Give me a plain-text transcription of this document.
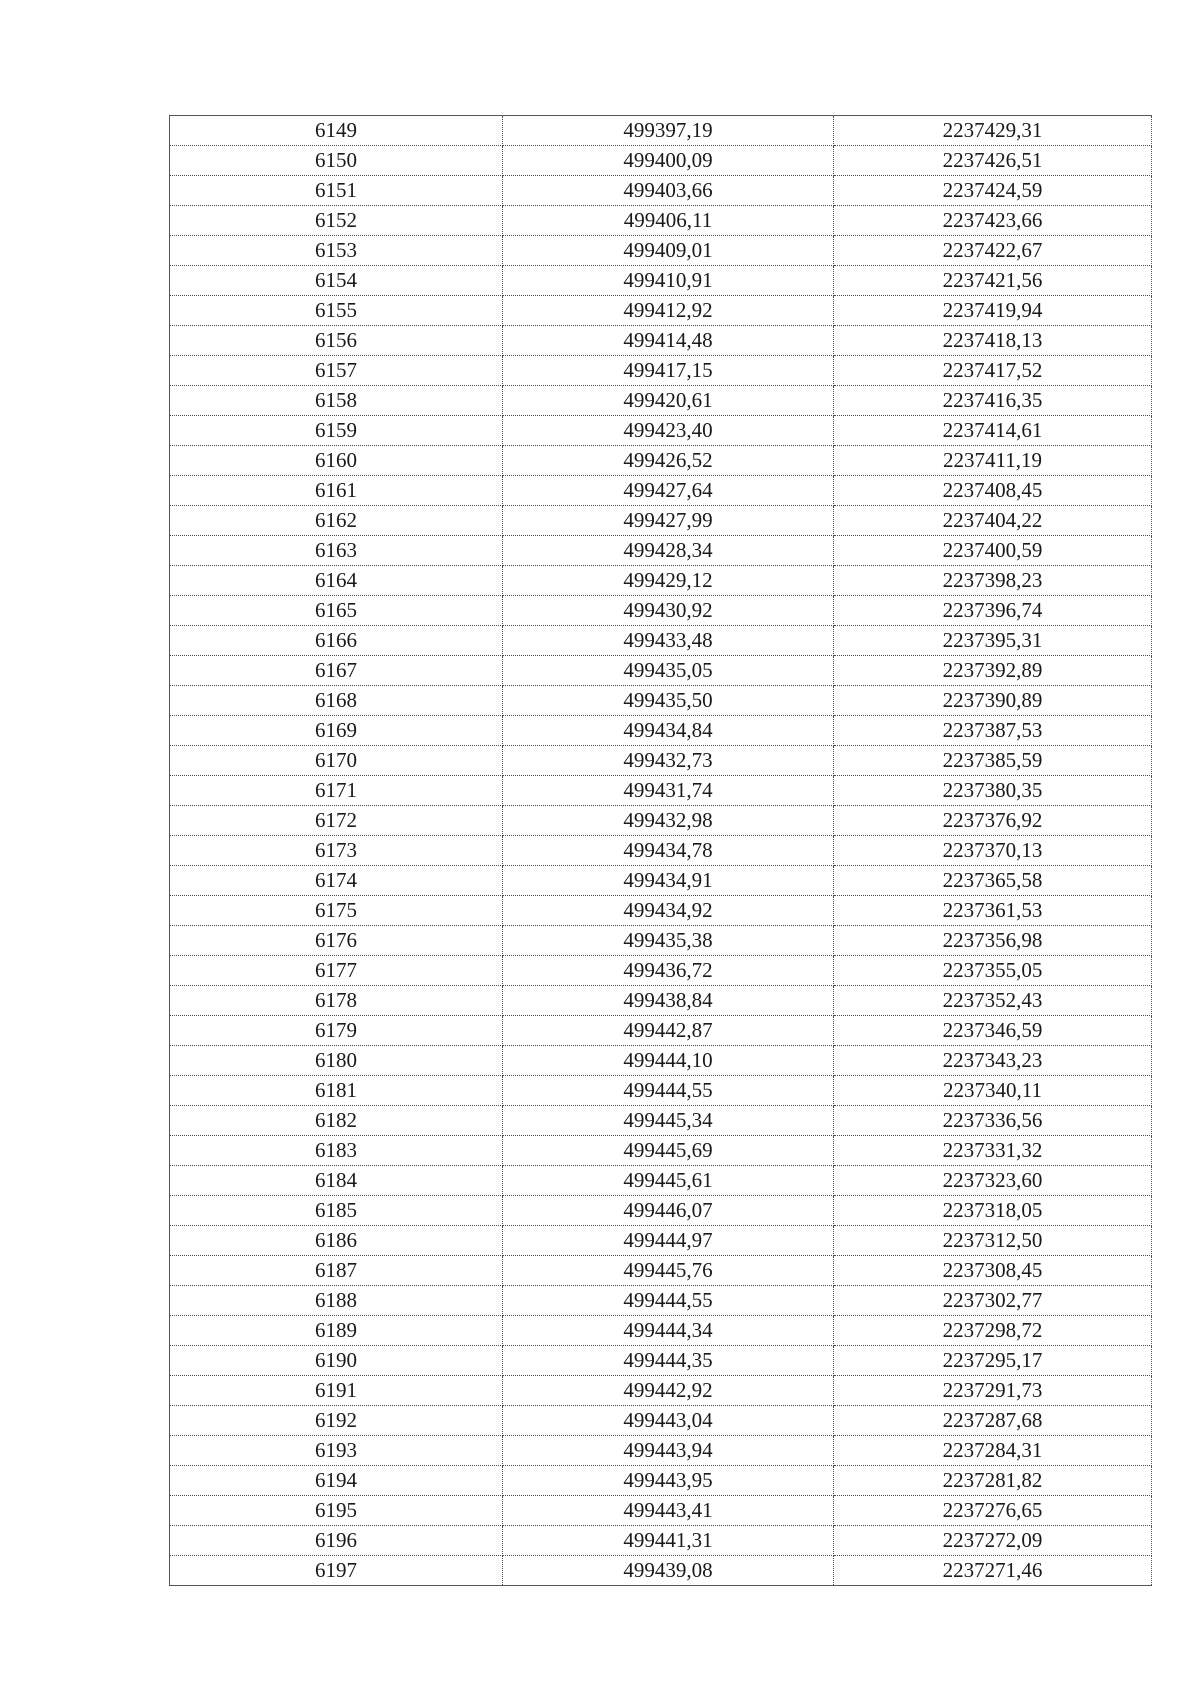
6149	499397,19	2237429,31
6150	499400,09	2237426,51
6151	499403,66	2237424,59
6152	499406,11	2237423,66
6153	499409,01	2237422,67
6154	499410,91	2237421,56
6155	499412,92	2237419,94
6156	499414,48	2237418,13
6157	499417,15	2237417,52
6158	499420,61	2237416,35
6159	499423,40	2237414,61
6160	499426,52	2237411,19
6161	499427,64	2237408,45
6162	499427,99	2237404,22
6163	499428,34	2237400,59
6164	499429,12	2237398,23
6165	499430,92	2237396,74
6166	499433,48	2237395,31
6167	499435,05	2237392,89
6168	499435,50	2237390,89
6169	499434,84	2237387,53
6170	499432,73	2237385,59
6171	499431,74	2237380,35
6172	499432,98	2237376,92
6173	499434,78	2237370,13
6174	499434,91	2237365,58
6175	499434,92	2237361,53
6176	499435,38	2237356,98
6177	499436,72	2237355,05
6178	499438,84	2237352,43
6179	499442,87	2237346,59
6180	499444,10	2237343,23
6181	499444,55	2237340,11
6182	499445,34	2237336,56
6183	499445,69	2237331,32
6184	499445,61	2237323,60
6185	499446,07	2237318,05
6186	499444,97	2237312,50
6187	499445,76	2237308,45
6188	499444,55	2237302,77
6189	499444,34	2237298,72
6190	499444,35	2237295,17
6191	499442,92	2237291,73
6192	499443,04	2237287,68
6193	499443,94	2237284,31
6194	499443,95	2237281,82
6195	499443,41	2237276,65
6196	499441,31	2237272,09
6197	499439,08	2237271,46
